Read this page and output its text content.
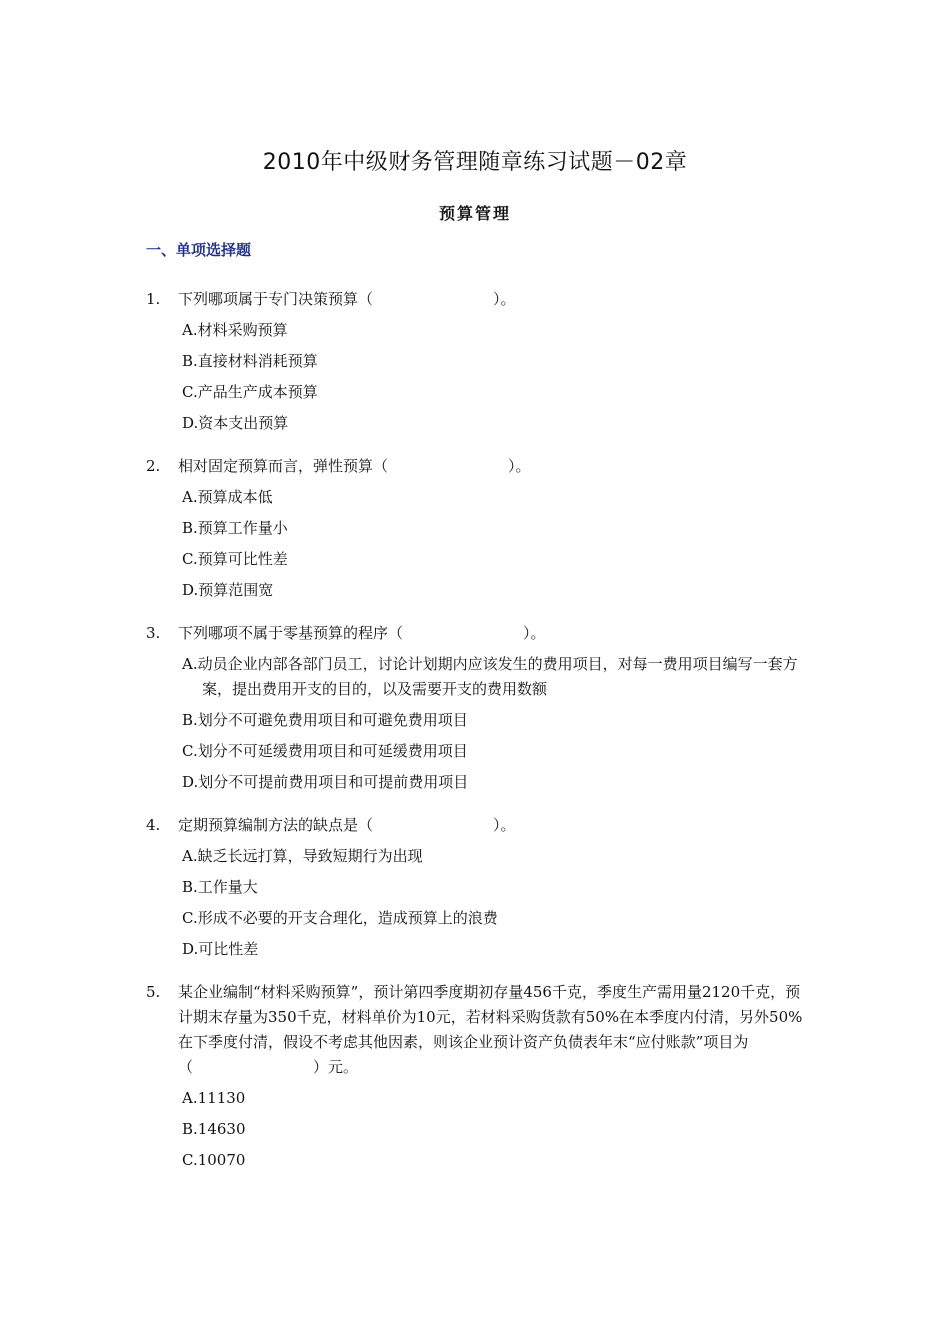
2010年中级财务管理随章练习试题－02章
预算管理
一、单项选择题
1. 下列哪项属于专门决策预算（　　　　　　　　）。
A.材料采购预算
B.直接材料消耗预算
C.产品生产成本预算
D.资本支出预算
2. 相对固定预算而言，弹性预算（　　　　　　　　）。
A.预算成本低
B.预算工作量小
C.预算可比性差
D.预算范围宽
3. 下列哪项不属于零基预算的程序（　　　　　　　　）。
A.动员企业内部各部门员工，讨论计划期内应该发生的费用项目，对每一费用项目编写一套方案，提出费用开支的目的，以及需要开支的费用数额
B.划分不可避免费用项目和可避免费用项目
C.划分不可延缓费用项目和可延缓费用项目
D.划分不可提前费用项目和可提前费用项目
4. 定期预算编制方法的缺点是（　　　　　　　　）。
A.缺乏长远打算，导致短期行为出现
B.工作量大
C.形成不必要的开支合理化，造成预算上的浪费
D.可比性差
5. 某企业编制“材料采购预算”，预计第四季度期初存量456千克，季度生产需用量2120千克，预计期末存量为350千克，材料单价为10元，若材料采购货款有50%在本季度内付清，另外50%在下季度付清，假设不考虑其他因素，则该企业预计资产负债表年末“应付账款”项目为（　　　　　　　　）元。
A.11130
B.14630
C.10070
